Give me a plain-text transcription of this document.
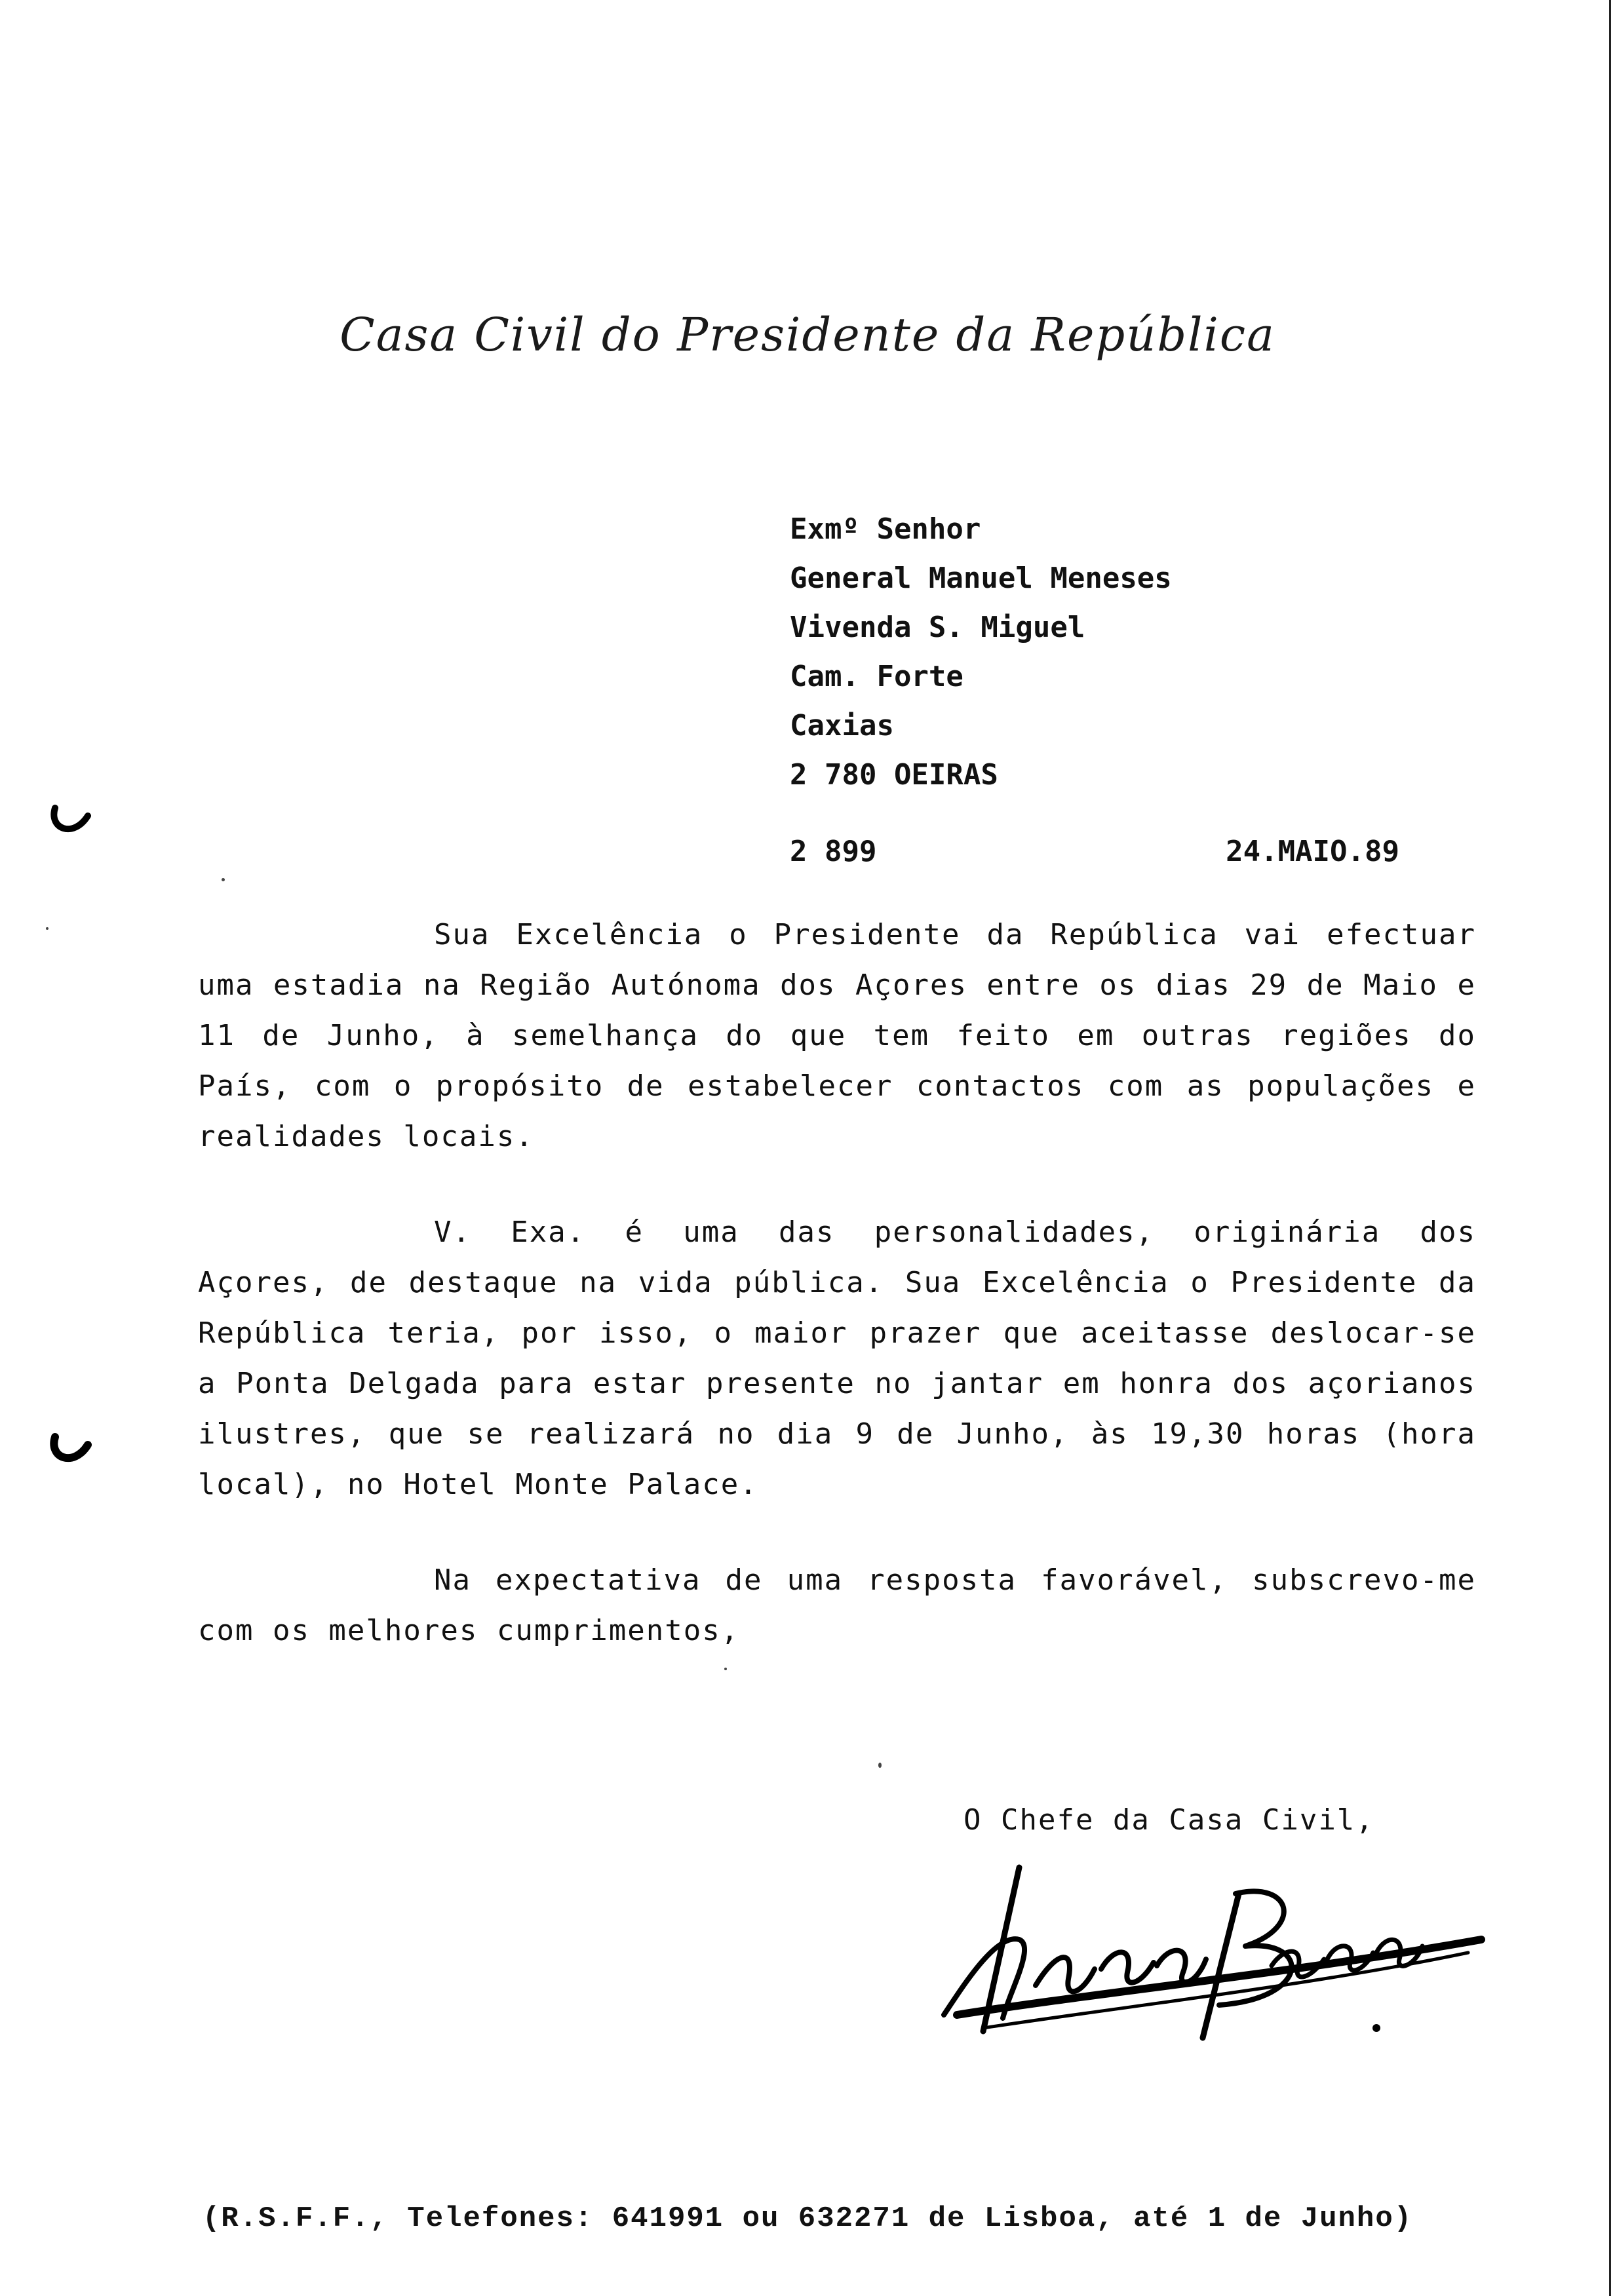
Casa Civil do Presidente da República
Exmº Senhor
General Manuel Meneses
Vivenda S. Miguel
Cam. Forte
Caxias
2 780 OEIRAS
2 899	24.MAIO.89

Sua Excelência o Presidente da República vai efectuar uma estadia na Região Autónoma dos Açores entre os dias 29 de Maio e 11 de Junho, à semelhança do que tem feito em outras regiões do País, com o propósito de estabelecer contactos com as populações e realidades locais.

V. Exa. é uma das personalidades, originária dos Açores, de destaque na vida pública. Sua Excelência o Presidente da República teria, por isso, o maior prazer que aceitasse deslocar-se a Ponta Delgada para estar presente no jantar em honra dos açorianos ilustres, que se realizará no dia 9 de Junho, às 19,30 horas (hora local), no Hotel Monte Palace.

Na expectativa de uma resposta favorável, subscrevo-me com os melhores cumprimentos,

O Chefe da Casa Civil,
(R.S.F.F., Telefones: 641991 ou 632271 de Lisboa, até 1 de Junho)
